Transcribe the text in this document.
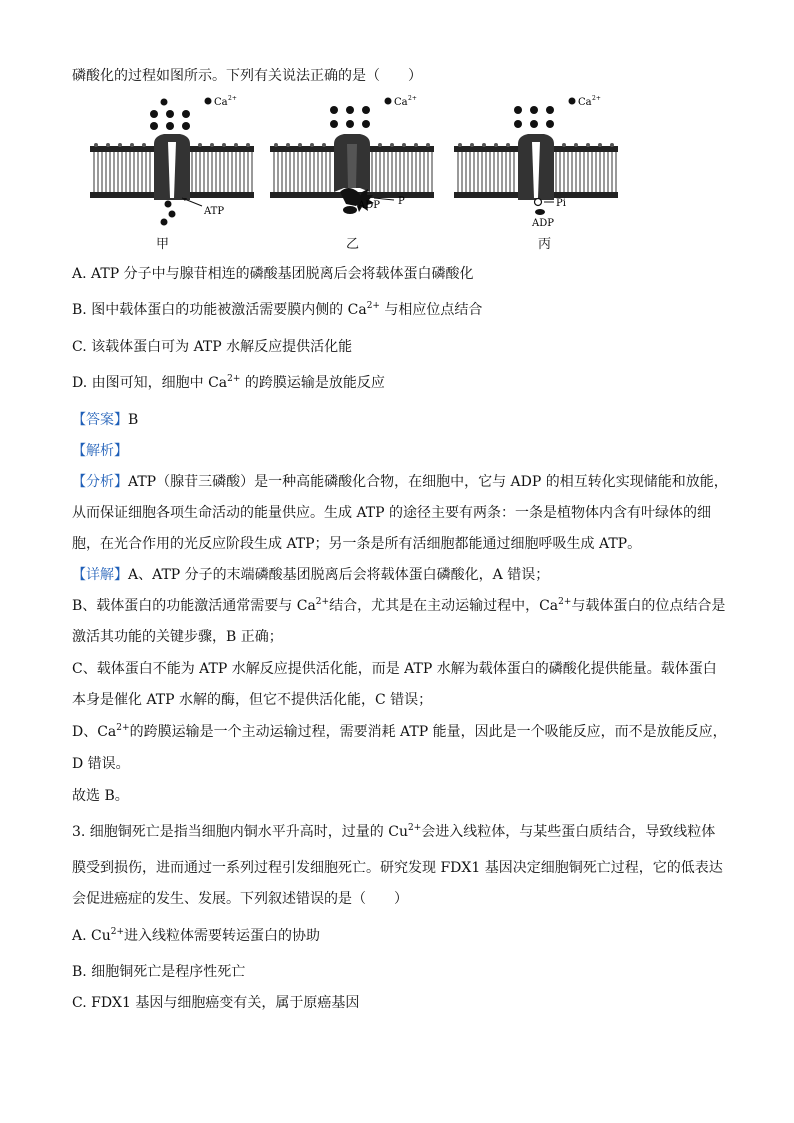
磷酸化的过程如图所示。下列有关说法正确的是（　　）
Ca 2+
ATP
甲
Ca 2+
ADP P
乙
Ca 2+
Pi
ADP
丙
A. ATP 分子中与腺苷相连的磷酸基团脱离后会将载体蛋白磷酸化
B. 图中载体蛋白的功能被激活需要膜内侧的 $Ca^{2+}$ 与相应位点结合
C. 该载体蛋白可为 ATP 水解反应提供活化能
D. 由图可知，细胞中 $Ca^{2+}$ 的跨膜运输是放能反应
【答案】B
【解析】
【分析】ATP（腺苷三磷酸）是一种高能磷酸化合物，在细胞中，它与 ADP 的相互转化实现储能和放能，
从而保证细胞各项生命活动的能量供应。生成 ATP 的途径主要有两条：一条是植物体内含有叶绿体的细
胞，在光合作用的光反应阶段生成 ATP；另一条是所有活细胞都能通过细胞呼吸生成 ATP。
【详解】A、ATP 分子的末端磷酸基团脱离后会将载体蛋白磷酸化，A 错误；
B、载体蛋白的功能激活通常需要与 $Ca^{2+}$结合，尤其是在主动运输过程中，$Ca^{2+}$与载体蛋白的位点结合是
激活其功能的关键步骤，B 正确；
C、载体蛋白不能为 ATP 水解反应提供活化能，而是 ATP 水解为载体蛋白的磷酸化提供能量。载体蛋白
本身是催化 ATP 水解的酶，但它不提供活化能，C 错误；
D、$Ca^{2+}$的跨膜运输是一个主动运输过程，需要消耗 ATP 能量，因此是一个吸能反应，而不是放能反应，
D 错误。
故选 B。
3. 细胞铜死亡是指当细胞内铜水平升高时，过量的 $Cu^{2+}$会进入线粒体，与某些蛋白质结合，导致线粒体
膜受到损伤，进而通过一系列过程引发细胞死亡。研究发现 FDX1 基因决定细胞铜死亡过程，它的低表达
会促进癌症的发生、发展。下列叙述错误的是（　　）
A. $Cu^{2+}$进入线粒体需要转运蛋白的协助
B. 细胞铜死亡是程序性死亡
C. FDX1 基因与细胞癌变有关，属于原癌基因
